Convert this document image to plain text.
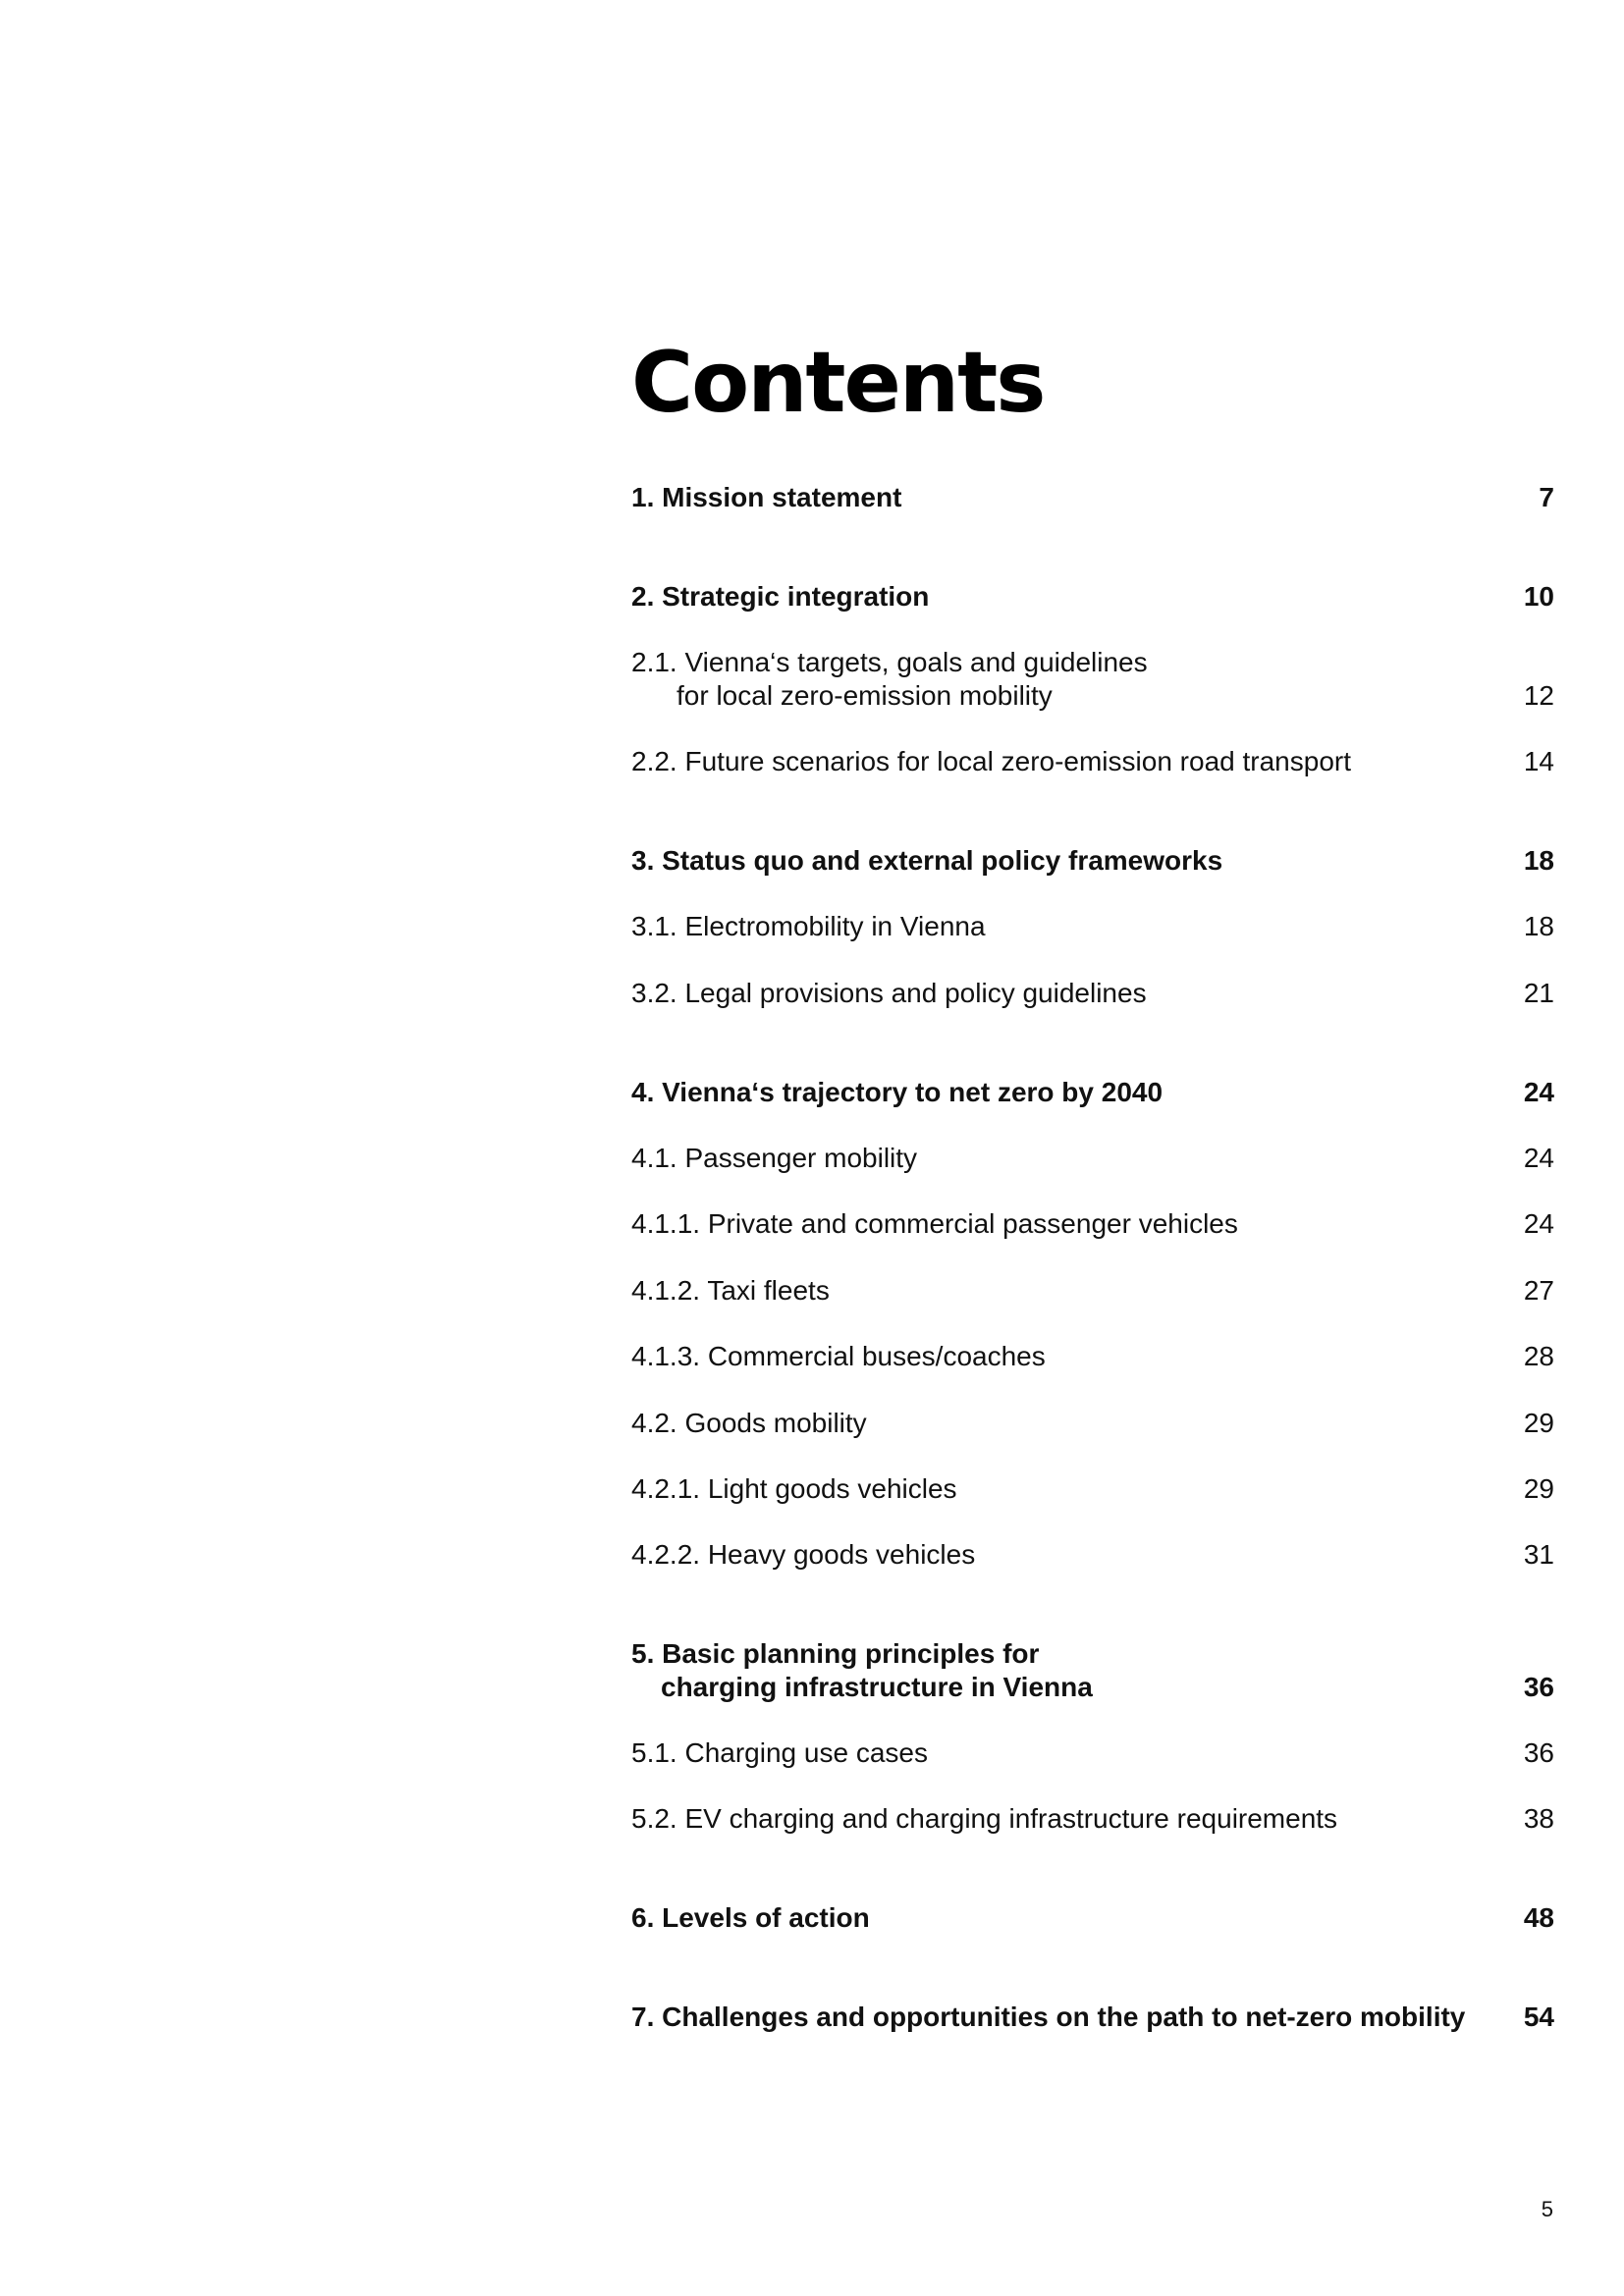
Contents
1. Mission statement	7
2. Strategic integration	10
2.1. Vienna‘s targets, goals and guidelines
for local zero-emission mobility	12
2.2. Future scenarios for local zero-emission road transport	14
3. Status quo and external policy frameworks	18
3.1. Electromobility in Vienna	18
3.2. Legal provisions and policy guidelines	21
4. Vienna‘s trajectory to net zero by 2040	24
4.1. Passenger mobility	24
4.1.1. Private and commercial passenger vehicles	24
4.1.2. Taxi fleets	27
4.1.3. Commercial buses/coaches	28
4.2. Goods mobility	29
4.2.1. Light goods vehicles	29
4.2.2. Heavy goods vehicles	31
5. Basic planning principles for
charging infrastructure in Vienna	36
5.1. Charging use cases	36
5.2. EV charging and charging infrastructure requirements	38
6. Levels of action	48
7. Challenges and opportunities on the path to net-zero mobility	54
5
